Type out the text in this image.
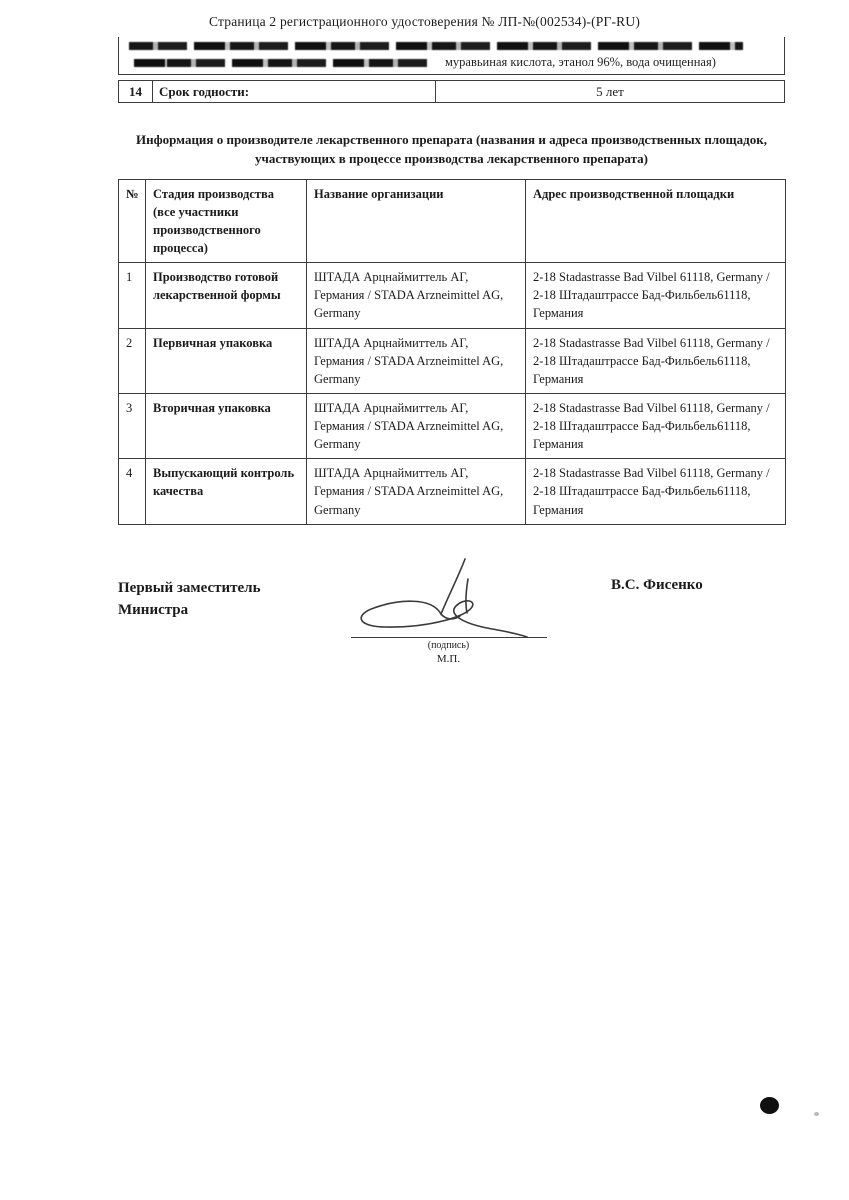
Страница 2 регистрационного удостоверения № ЛП-№(002534)-(РГ-RU)
муравьиная кислота, этанол 96%, вода очищенная)
14	Срок годности:	5 лет

Информация о производителе лекарственного препарата (названия и адреса производственных площадок, участвующих в процессе производства лекарственного препарата)

№	Стадия производства (все участники производственного процесса)	Название организации	Адрес производственной площадки
1	Производство готовой лекарственной формы	ШТАДА Арцнаймиттель АГ, Германия / STADA Arzneimittel AG, Germany	2-18 Stadastrasse Bad Vilbel 61118, Germany / 2-18 Штадаштрассе Бад-Фильбель61118, Германия
2	Первичная упаковка	ШТАДА Арцнаймиттель АГ, Германия / STADA Arzneimittel AG, Germany	2-18 Stadastrasse Bad Vilbel 61118, Germany / 2-18 Штадаштрассе Бад-Фильбель61118, Германия
3	Вторичная упаковка	ШТАДА Арцнаймиттель АГ, Германия / STADA Arzneimittel AG, Germany	2-18 Stadastrasse Bad Vilbel 61118, Germany / 2-18 Штадаштрассе Бад-Фильбель61118, Германия
4	Выпускающий контроль качества	ШТАДА Арцнаймиттель АГ, Германия / STADA Arzneimittel AG, Germany	2-18 Stadastrasse Bad Vilbel 61118, Germany / 2-18 Штадаштрассе Бад-Фильбель61118, Германия
Первый заместитель
Министра
(подпись)
М.П.
В.С. Фисенко
